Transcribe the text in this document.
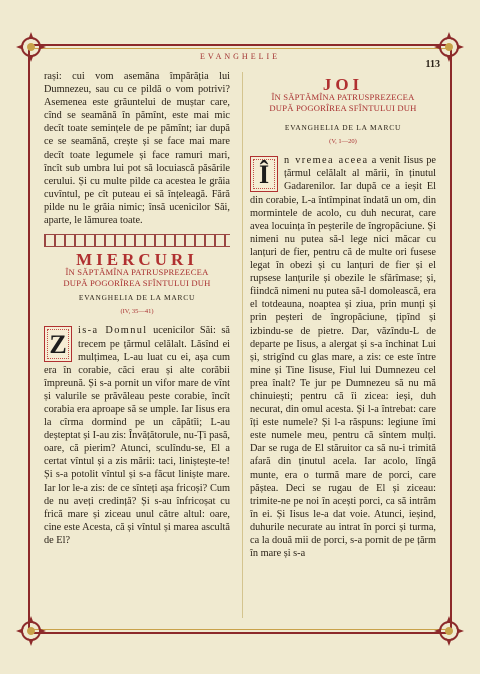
EVANGHELIE
113

rași: cui vom asemăna împărăția lui Dumnezeu, sau cu ce pildă o vom potrivi? Asemenea este grăuntelui de muștar care, cînd se seamănă în pămînt, este mai mic decît toate semințele de pe pămînt; iar după ce se seamănă, crește și se face mai mare decît toate legumele și face ramuri mari, încît sub umbra lui pot să locuiască păsările cerului. Și cu multe pilde ca acestea le grăia cuvîntul, pe cît puteau ei să înțeleagă. Fără pilde nu le grăia nimic; însă ucenicilor Săi, aparte, le lămurea toate.

MIERCURI
ÎN SĂPTĂMÎNA PATRUSPREZECEA
DUPĂ POGORÎREA SFÎNTULUI DUH
EVANGHELIA DE LA MARCU
(IV, 35—41)
Z	is-a Domnul ucenicilor Săi: să trecem pe țărmul celălalt. Lăsînd ei mulțimea, L-au luat cu ei, așa cum era în corabie, căci erau și alte corăbii împreună. Și s-a pornit un vifor mare de vînt și valurile se prăvăleau peste corabie, încît corabia era aproape să se umple. Iar Iisus era la cîrma dormind pe un căpătîi; L-au deșteptat și I-au zis: Învățătorule, nu-Ți pasă, oare, că pierim? Atunci, sculîndu-se, El a certat vîntul și a zis mării: taci, liniștește-te! Și s-a potolit vîntul și s-a făcut liniște mare. Iar lor le-a zis: de ce sînteți așa fricoși? Cum de nu aveți credință? Și s-au înfricoșat cu frică mare și ziceau unul către altul: oare, cine este Acesta, că și vîntul și marea ascultă de El?

JOI
ÎN SĂPTĂMÎNA PATRUSPREZECEA
DUPĂ POGORÎREA SFÎNTULUI DUH
EVANGHELIA DE LA MARCU
(V, 1—20)
Î	n vremea aceea a venit Iisus pe țărmul celălalt al mării, în ținutul Gadarenilor. Iar după ce a ieșit El din corabie, L-a întîmpinat îndată un om, din mormintele de acolo, cu duh necurat, care avea locuința în peșterile de îngropăciune. Și nimeni nu putea să-l lege nici măcar cu lanțuri de fier, pentru că de multe ori fusese legat în obezi și cu lanțuri de fier și el rupsese lanțurile și obezile le sfărîmase; și, fiindcă nimeni nu putea să-l domolească, era el totdeauna, noaptea și ziua, prin munți și prin peșteri de îngropăciune, țipînd și izbindu-se de pietre. Dar, văzîndu-L de departe pe Iisus, a alergat și s-a închinat Lui și, strigînd cu glas mare, a zis: ce este între mine și Tine Iisuse, Fiul lui Dumnezeu cel prea înalt? Te jur pe Dumnezeu să nu mă chinuiești; pentru că îi zicea: ieși, duh necurat, din omul acesta. Și l-a întrebat: care îți este numele? Și l-a răspuns: legiune îmi este numele meu, pentru că sîntem mulți. Dar se ruga de El stăruitor ca să nu-i trimită afară din ținutul acela. Iar acolo, lîngă munte, era o turmă mare de porci, care păștea. Deci se rugau de El și ziceau: trimite-ne pe noi în acești porci, ca să intrăm în ei. Și Iisus le-a dat voie. Atunci, ieșind, duhurile necurate au intrat în porci și turma, ca la două mii de porci, s-a pornit de pe țărm în mare și s-a
